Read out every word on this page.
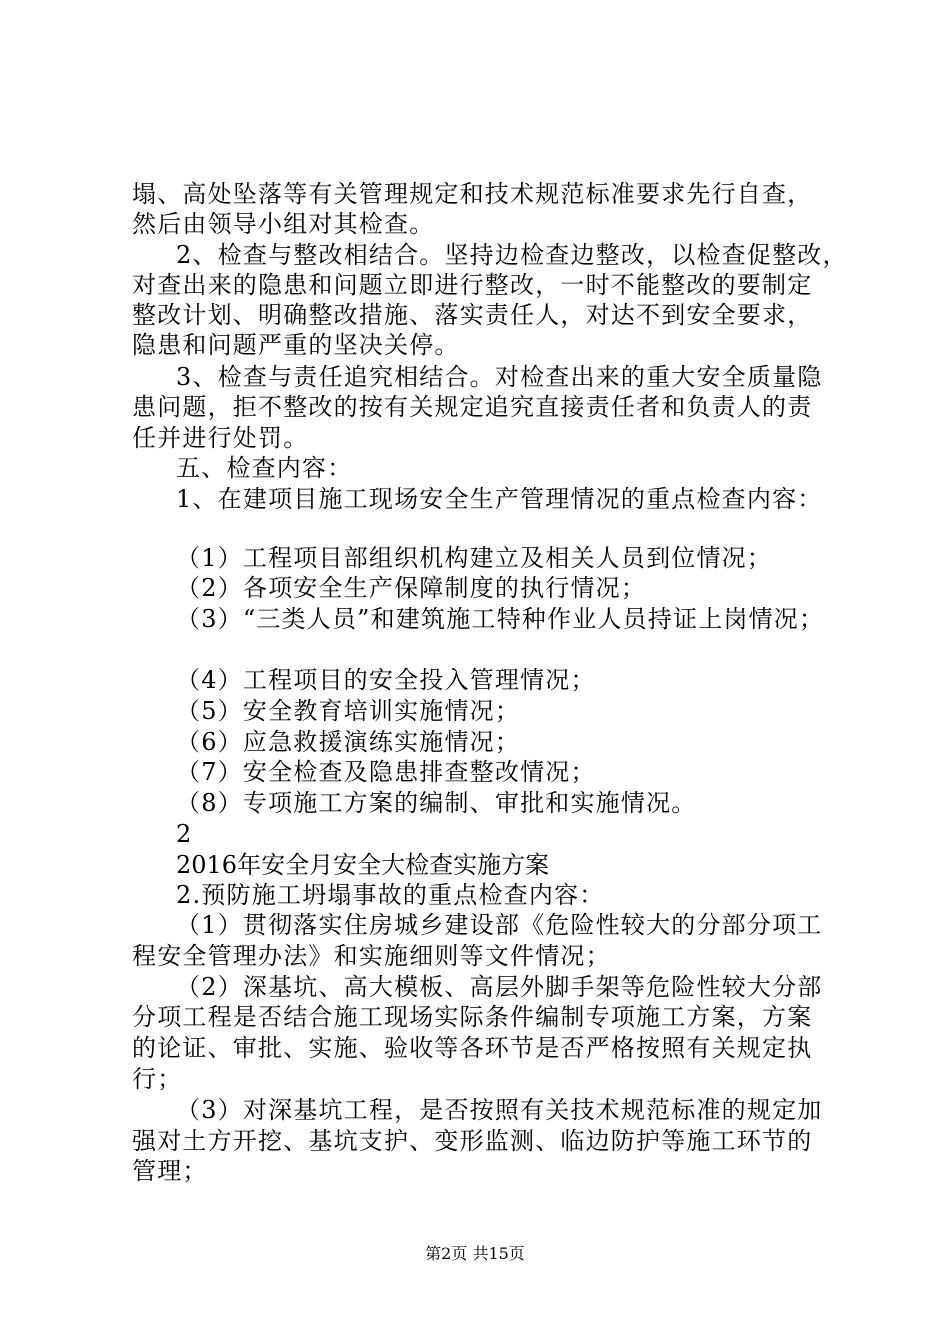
塌、高处坠落等有关管理规定和技术规范标准要求先行自查，
然后由领导小组对其检查。
2、检查与整改相结合。坚持边检查边整改，以检查促整改，
对查出来的隐患和问题立即进行整改，一时不能整改的要制定
整改计划、明确整改措施、落实责任人，对达不到安全要求，
隐患和问题严重的坚决关停。
3、检查与责任追究相结合。对检查出来的重大安全质量隐
患问题，拒不整改的按有关规定追究直接责任者和负责人的责
任并进行处罚。
五、检查内容：
1、在建项目施工现场安全生产管理情况的重点检查内容：
（1）工程项目部组织机构建立及相关人员到位情况；
（2）各项安全生产保障制度的执行情况；
（3）“三类人员”和建筑施工特种作业人员持证上岗情况；
（4）工程项目的安全投入管理情况；
（5）安全教育培训实施情况；
（6）应急救援演练实施情况；
（7）安全检查及隐患排查整改情况；
（8）专项施工方案的编制、审批和实施情况。
2
2016年安全月安全大检查实施方案
2.预防施工坍塌事故的重点检查内容：
（1）贯彻落实住房城乡建设部《危险性较大的分部分项工
程安全管理办法》和实施细则等文件情况；
（2）深基坑、高大模板、高层外脚手架等危险性较大分部
分项工程是否结合施工现场实际条件编制专项施工方案，方案
的论证、审批、实施、验收等各环节是否严格按照有关规定执
行；
（3）对深基坑工程，是否按照有关技术规范标准的规定加
强对土方开挖、基坑支护、变形监测、临边防护等施工环节的
管理；
第2页 共15页
